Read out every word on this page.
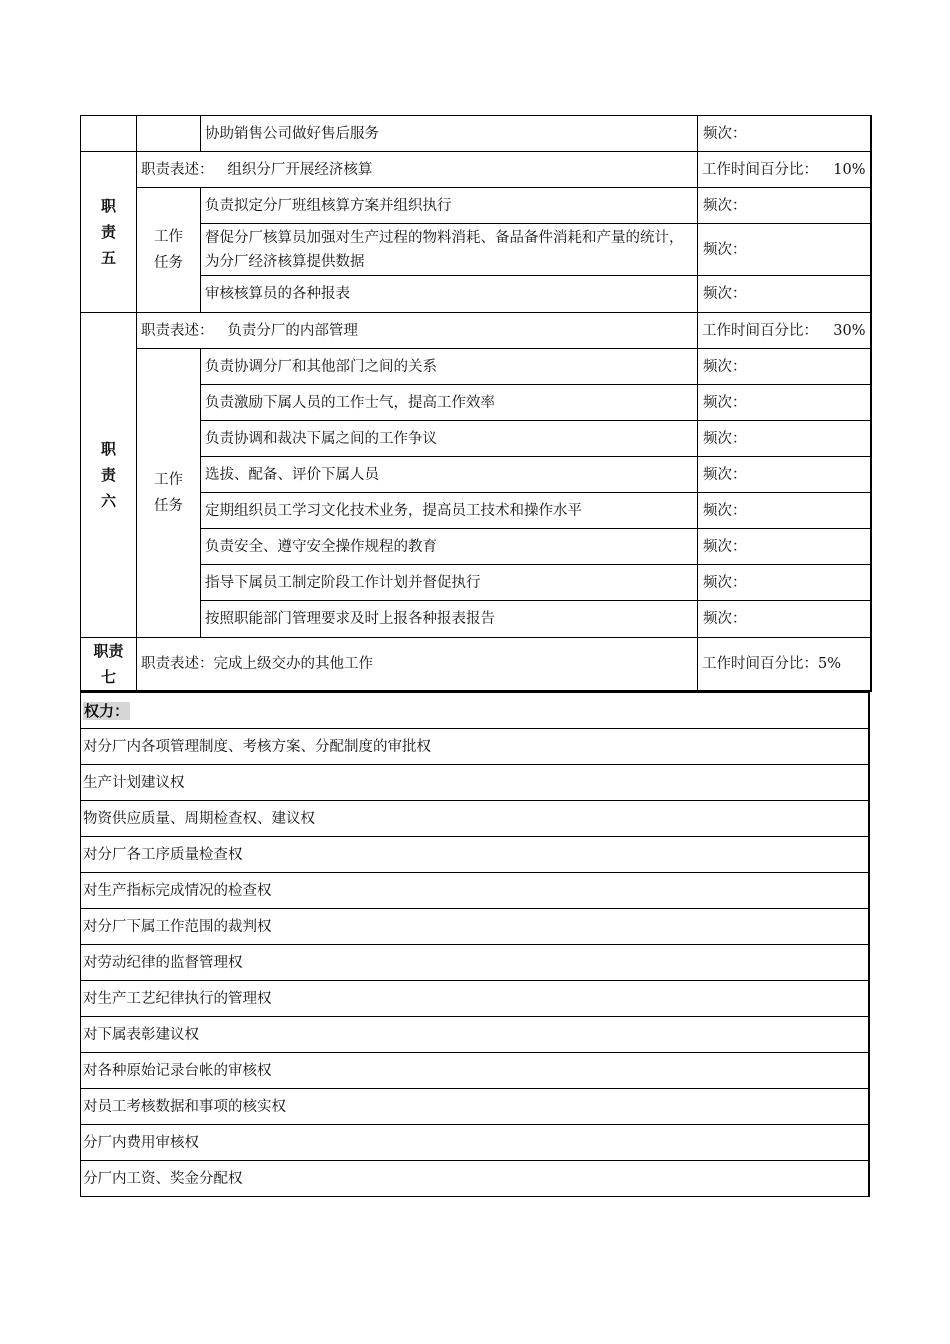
		协助销售公司做好售后服务	频次：
职责五	职责表述： 组织分厂开展经济核算		工作时间百分比： 10%

	工作任务	负责拟定分厂班组核算方案并组织执行	频次：
		督促分厂核算员加强对生产过程的物料消耗、备品备件消耗和产量的统计，为分厂经济核算提供数据	频次：
		审核核算员的各种报表	频次：
职责六	职责表述： 负责分厂的内部管理		工作时间百分比： 30%

	工作任务	负责协调分厂和其他部门之间的关系	频次：
		负责激励下属人员的工作士气，提高工作效率	频次：
		负责协调和裁决下属之间的工作争议	频次：
		选拔、配备、评价下属人员	频次：
		定期组织员工学习文化技术业务，提高员工技术和操作水平	频次：
		负责安全、遵守安全操作规程的教育	频次：
		指导下属员工制定阶段工作计划并督促执行	频次：
		按照职能部门管理要求及时上报各种报表报告	频次：
职责七	职责表述：完成上级交办的其他工作		工作时间百分比：5%
权力：
对分厂内各项管理制度、考核方案、分配制度的审批权
生产计划建议权
物资供应质量、周期检查权、建议权
对分厂各工序质量检查权
对生产指标完成情况的检查权
对分厂下属工作范围的裁判权
对劳动纪律的监督管理权
对生产工艺纪律执行的管理权
对下属表彰建议权
对各种原始记录台帐的审核权
对员工考核数据和事项的核实权
分厂内费用审核权
分厂内工资、奖金分配权
